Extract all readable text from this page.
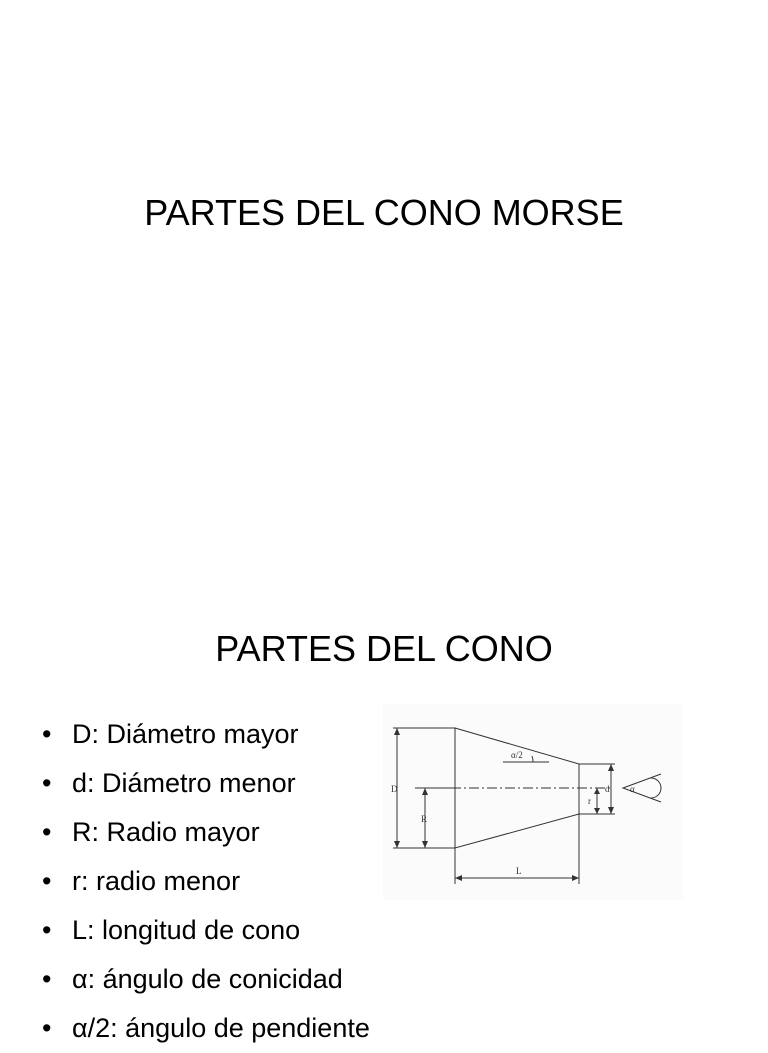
PARTES DEL CONO MORSE
PARTES DEL CONO
• D: Diámetro mayor
• d: Diámetro menor
• R: Radio mayor
• r: radio menor
• L: longitud de cono
• α: ángulo de conicidad
• α/2: ángulo de pendiente
D
R
d
r
L
α/2
α
